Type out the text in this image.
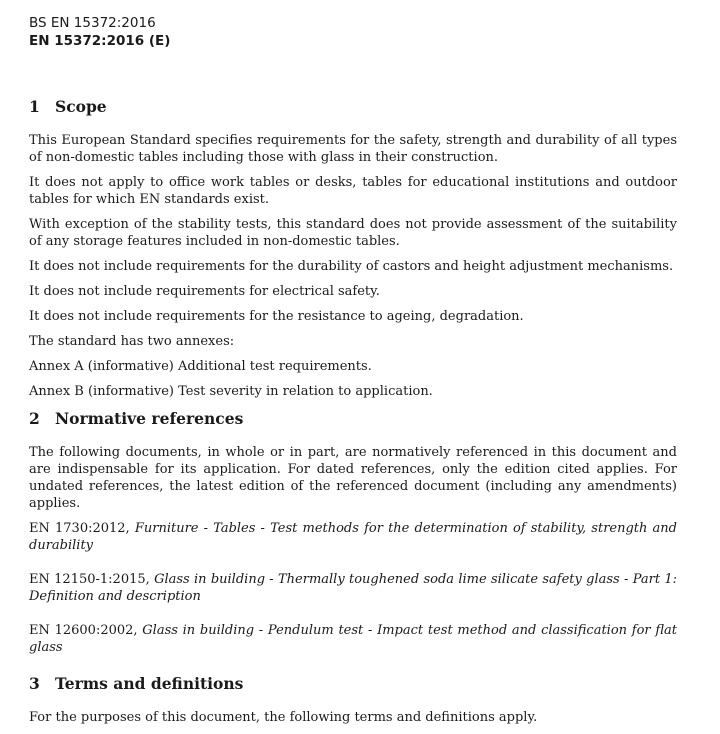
BS EN 15372:2016
EN 15372:2016 (E)
1 Scope

This European Standard specifies requirements for the safety, strength and durability of all types of non-domestic tables including those with glass in their construction.

It does not apply to office work tables or desks, tables for educational institutions and outdoor tables for which EN standards exist.

With exception of the stability tests, this standard does not provide assessment of the suitability of any storage features included in non-domestic tables.

It does not include requirements for the durability of castors and height adjustment mechanisms.

It does not include requirements for electrical safety.

It does not include requirements for the resistance to ageing, degradation.

The standard has two annexes:

Annex A (informative) Additional test requirements.

Annex B (informative) Test severity in relation to application.

2 Normative references

The following documents, in whole or in part, are normatively referenced in this document and are indispensable for its application. For dated references, only the edition cited applies. For undated references, the latest edition of the referenced document (including any amendments) applies.

EN 1730:2012, Furniture - Tables - Test methods for the determination of stability, strength and durability

EN 12150-1:2015, Glass in building - Thermally toughened soda lime silicate safety glass - Part 1: Definition and description

EN 12600:2002, Glass in building - Pendulum test - Impact test method and classification for flat glass

3 Terms and definitions

For the purposes of this document, the following terms and definitions apply.
